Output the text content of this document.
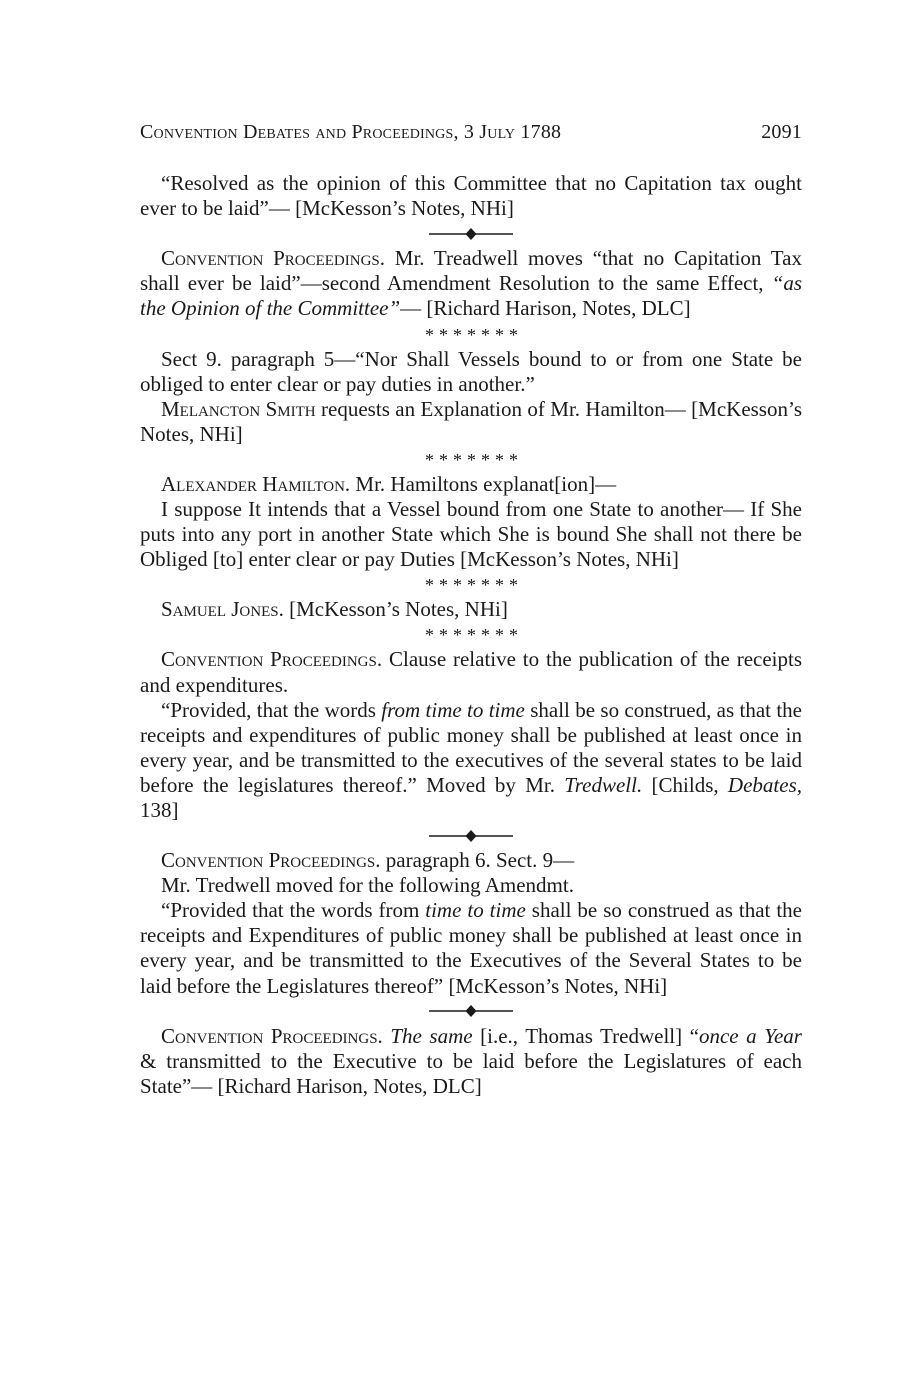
Convention Debates and Proceedings, 3 July 1788	2091

“Resolved as the opinion of this Committee that no Capitation tax ought ever to be laid”— [McKesson’s Notes, NHi]

Convention Proceedings. Mr. Treadwell moves “that no Capitation Tax shall ever be laid”—second Amendment Resolution to the same Effect, “as the Opinion of the Committee”— [Richard Harison, Notes, DLC]

*******

Sect 9. paragraph 5—“Nor Shall Vessels bound to or from one State be obliged to enter clear or pay duties in another.”

Melancton Smith requests an Explanation of Mr. Hamilton— [McKesson’s Notes, NHi]

*******

Alexander Hamilton. Mr. Hamiltons explanat[ion]—

I suppose It intends that a Vessel bound from one State to another— If She puts into any port in another State which She is bound She shall not there be Obliged [to] enter clear or pay Duties [McKesson’s Notes, NHi]

*******

Samuel Jones. [McKesson’s Notes, NHi]

*******

Convention Proceedings. Clause relative to the publication of the receipts and expenditures.

“Provided, that the words from time to time shall be so construed, as that the receipts and expenditures of public money shall be published at least once in every year, and be transmitted to the executives of the several states to be laid before the legislatures thereof.” Moved by Mr. Tredwell. [Childs, Debates, 138]

Convention Proceedings. paragraph 6. Sect. 9—

Mr. Tredwell moved for the following Amendmt.

“Provided that the words from time to time shall be so construed as that the receipts and Expenditures of public money shall be published at least once in every year, and be transmitted to the Executives of the Several States to be laid before the Legislatures thereof” [McKesson’s Notes, NHi]

Convention Proceedings. The same [i.e., Thomas Tredwell] “once a Year & transmitted to the Executive to be laid before the Legislatures of each State”— [Richard Harison, Notes, DLC]
